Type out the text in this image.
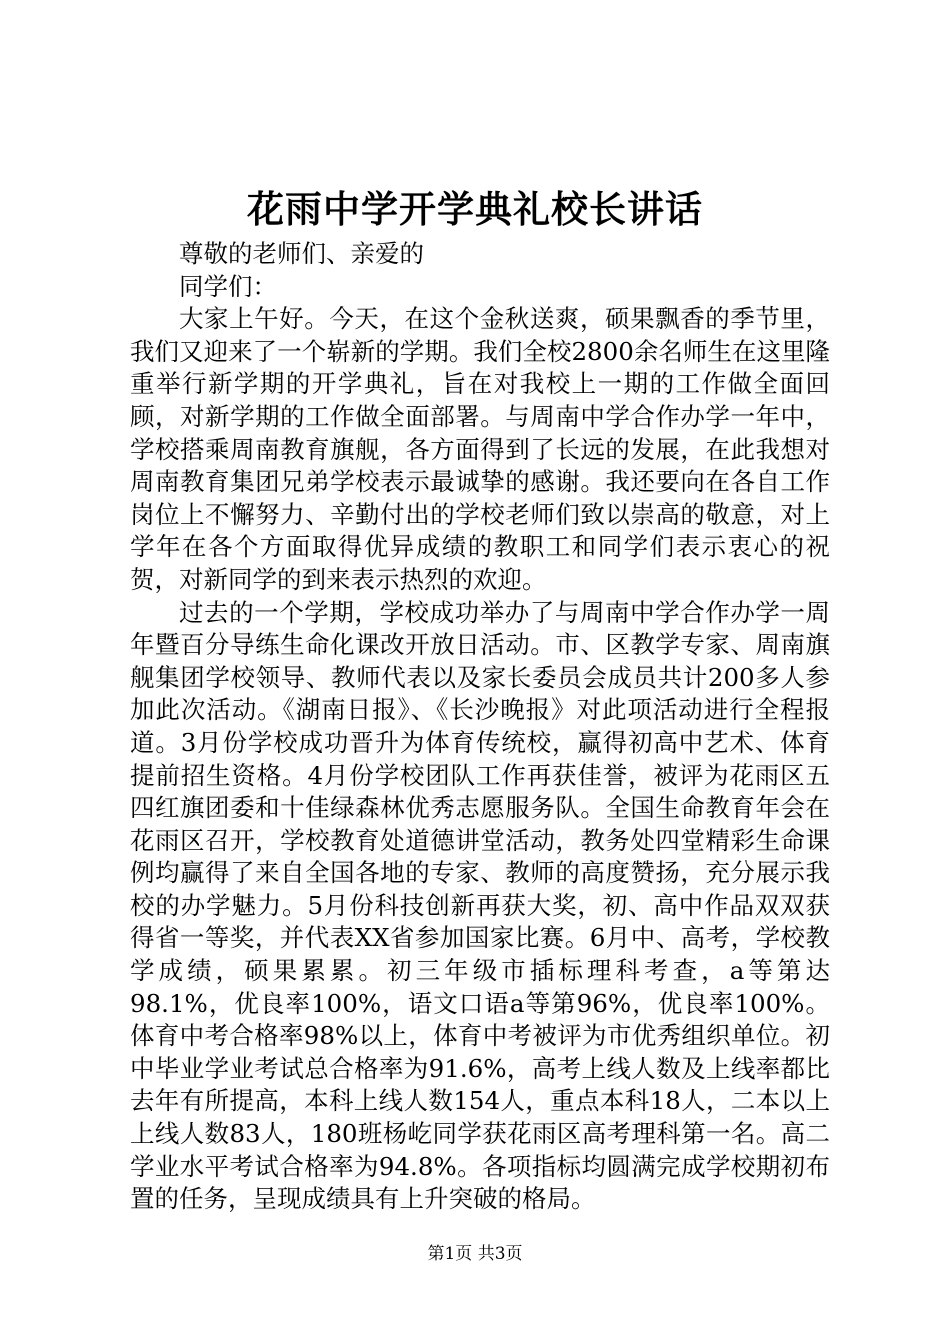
花雨中学开学典礼校长讲话

尊敬的老师们、亲爱的

同学们：

大家上午好。今天，在这个金秋送爽，硕果飘香的季节里，我们又迎来了一个崭新的学期。我们全校2800余名师生在这里隆重举行新学期的开学典礼，旨在对我校上一期的工作做全面回顾，对新学期的工作做全面部署。与周南中学合作办学一年中，学校搭乘周南教育旗舰，各方面得到了长远的发展，在此我想对周南教育集团兄弟学校表示最诚挚的感谢。我还要向在各自工作岗位上不懈努力、辛勤付出的学校老师们致以崇高的敬意，对上学年在各个方面取得优异成绩的教职工和同学们表示衷心的祝贺，对新同学的到来表示热烈的欢迎。

过去的一个学期，学校成功举办了与周南中学合作办学一周年暨百分导练生命化课改开放日活动。市、区教学专家、周南旗舰集团学校领导、教师代表以及家长委员会成员共计200多人参加此次活动。《湖南日报》、《长沙晚报》对此项活动进行全程报道。3月份学校成功晋升为体育传统校，赢得初高中艺术、体育提前招生资格。4月份学校团队工作再获佳誉，被评为花雨区五四红旗团委和十佳绿森林优秀志愿服务队。全国生命教育年会在花雨区召开，学校教育处道德讲堂活动，教务处四堂精彩生命课例均赢得了来自全国各地的专家、教师的高度赞扬，充分展示我校的办学魅力。5月份科技创新再获大奖，初、高中作品双双获得省一等奖，并代表XX省参加国家比赛。6月中、高考，学校教学成绩，硕果累累。初三年级市插标理科考查，a等第达98.1%，优良率100%，语文口语a等第96%，优良率100%。体育中考合格率98%以上，体育中考被评为市优秀组织单位。初中毕业学业考试总合格率为91.6%，高考上线人数及上线率都比去年有所提高，本科上线人数154人，重点本科18人，二本以上上线人数83人，180班杨屹同学获花雨区高考理科第一名。高二学业水平考试合格率为94.8%。各项指标均圆满完成学校期初布置的任务，呈现成绩具有上升突破的格局。

第1页 共3页
